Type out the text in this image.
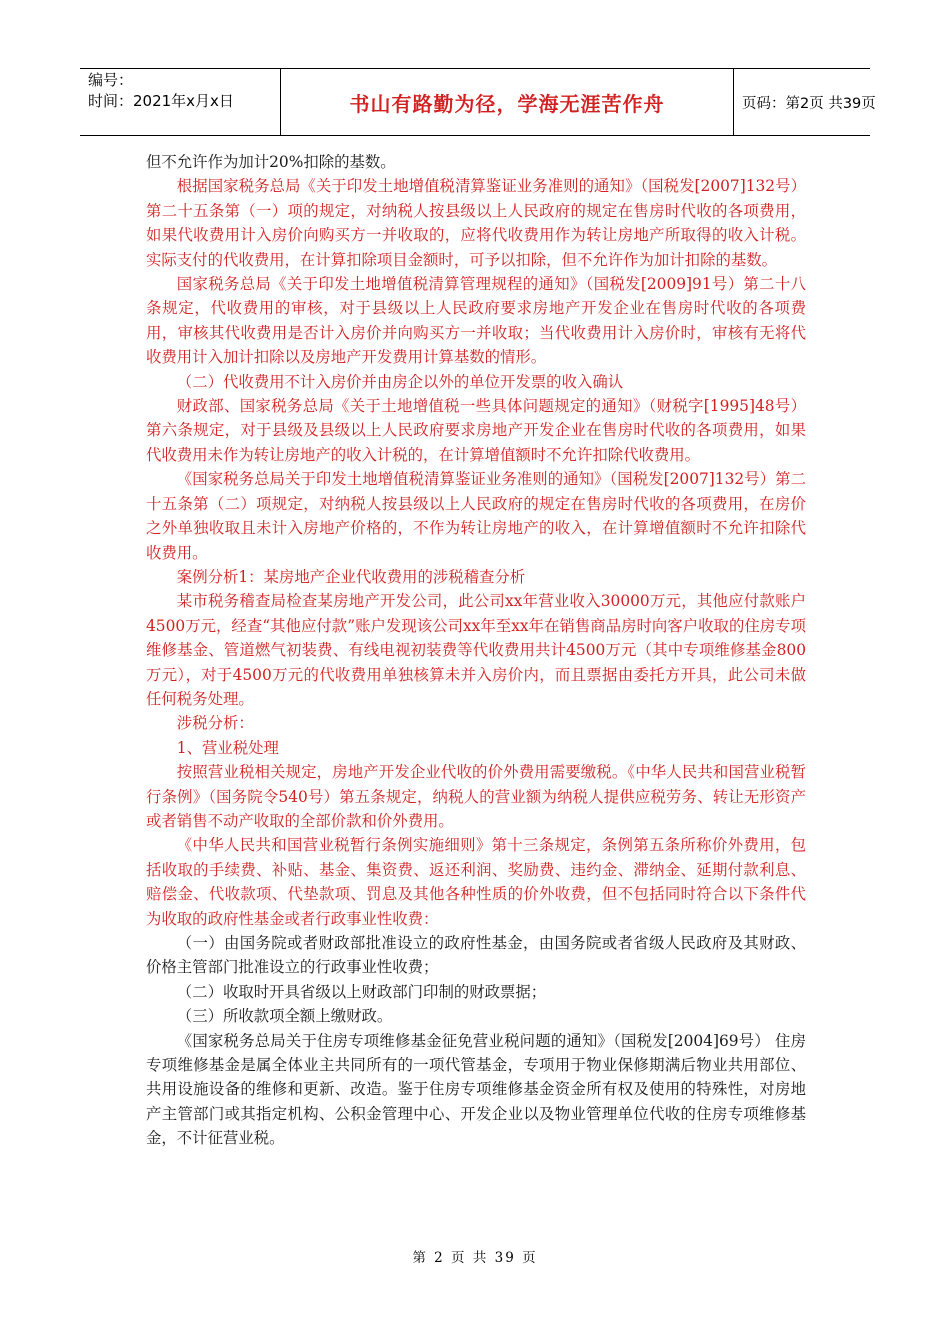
编号：
时间：2021年x月x日	书山有路勤为径，学海无涯苦作舟	页码：第2页 共39页

但不允许作为加计20%扣除的基数。

根据国家税务总局《关于印发土地增值税清算鉴证业务准则的通知》（国税发[2007]132号）第二十五条第（一）项的规定，对纳税人按县级以上人民政府的规定在售房时代收的各项费用，如果代收费用计入房价向购买方一并收取的，应将代收费用作为转让房地产所取得的收入计税。实际支付的代收费用，在计算扣除项目金额时，可予以扣除，但不允许作为加计扣除的基数。

国家税务总局《关于印发土地增值税清算管理规程的通知》（国税发[2009]91号）第二十八条规定，代收费用的审核，对于县级以上人民政府要求房地产开发企业在售房时代收的各项费用，审核其代收费用是否计入房价并向购买方一并收取；当代收费用计入房价时，审核有无将代收费用计入加计扣除以及房地产开发费用计算基数的情形。

（二）代收费用不计入房价并由房企以外的单位开发票的收入确认

财政部、国家税务总局《关于土地增值税一些具体问题规定的通知》（财税字[1995]48号）第六条规定，对于县级及县级以上人民政府要求房地产开发企业在售房时代收的各项费用，如果代收费用未作为转让房地产的收入计税的，在计算增值额时不允许扣除代收费用。

《国家税务总局关于印发土地增值税清算鉴证业务准则的通知》（国税发[2007]132号）第二十五条第（二）项规定，对纳税人按县级以上人民政府的规定在售房时代收的各项费用，在房价之外单独收取且未计入房地产价格的，不作为转让房地产的收入，在计算增值额时不允许扣除代收费用。

案例分析1：某房地产企业代收费用的涉税稽查分析

某市税务稽查局检查某房地产开发公司，此公司xx年营业收入30000万元，其他应付款账户4500万元，经查“其他应付款”账户发现该公司xx年至xx年在销售商品房时向客户收取的住房专项维修基金、管道燃气初装费、有线电视初装费等代收费用共计4500万元（其中专项维修基金800万元），对于4500万元的代收费用单独核算未并入房价内，而且票据由委托方开具，此公司未做任何税务处理。

涉税分析：

1、营业税处理

按照营业税相关规定，房地产开发企业代收的价外费用需要缴税。《中华人民共和国营业税暂行条例》（国务院令540号）第五条规定，纳税人的营业额为纳税人提供应税劳务、转让无形资产或者销售不动产收取的全部价款和价外费用。

《中华人民共和国营业税暂行条例实施细则》第十三条规定，条例第五条所称价外费用，包括收取的手续费、补贴、基金、集资费、返还利润、奖励费、违约金、滞纳金、延期付款利息、赔偿金、代收款项、代垫款项、罚息及其他各种性质的价外收费，但不包括同时符合以下条件代为收取的政府性基金或者行政事业性收费：

（一）由国务院或者财政部批准设立的政府性基金，由国务院或者省级人民政府及其财政、价格主管部门批准设立的行政事业性收费；

（二）收取时开具省级以上财政部门印制的财政票据；

（三）所收款项全额上缴财政。

《国家税务总局关于住房专项维修基金征免营业税问题的通知》（国税发[2004]69号） 住房专项维修基金是属全体业主共同所有的一项代管基金，专项用于物业保修期满后物业共用部位、共用设施设备的维修和更新、改造。鉴于住房专项维修基金资金所有权及使用的特殊性，对房地产主管部门或其指定机构、公积金管理中心、开发企业以及物业管理单位代收的住房专项维修基金，不计征营业税。

第 2 页 共 39 页
